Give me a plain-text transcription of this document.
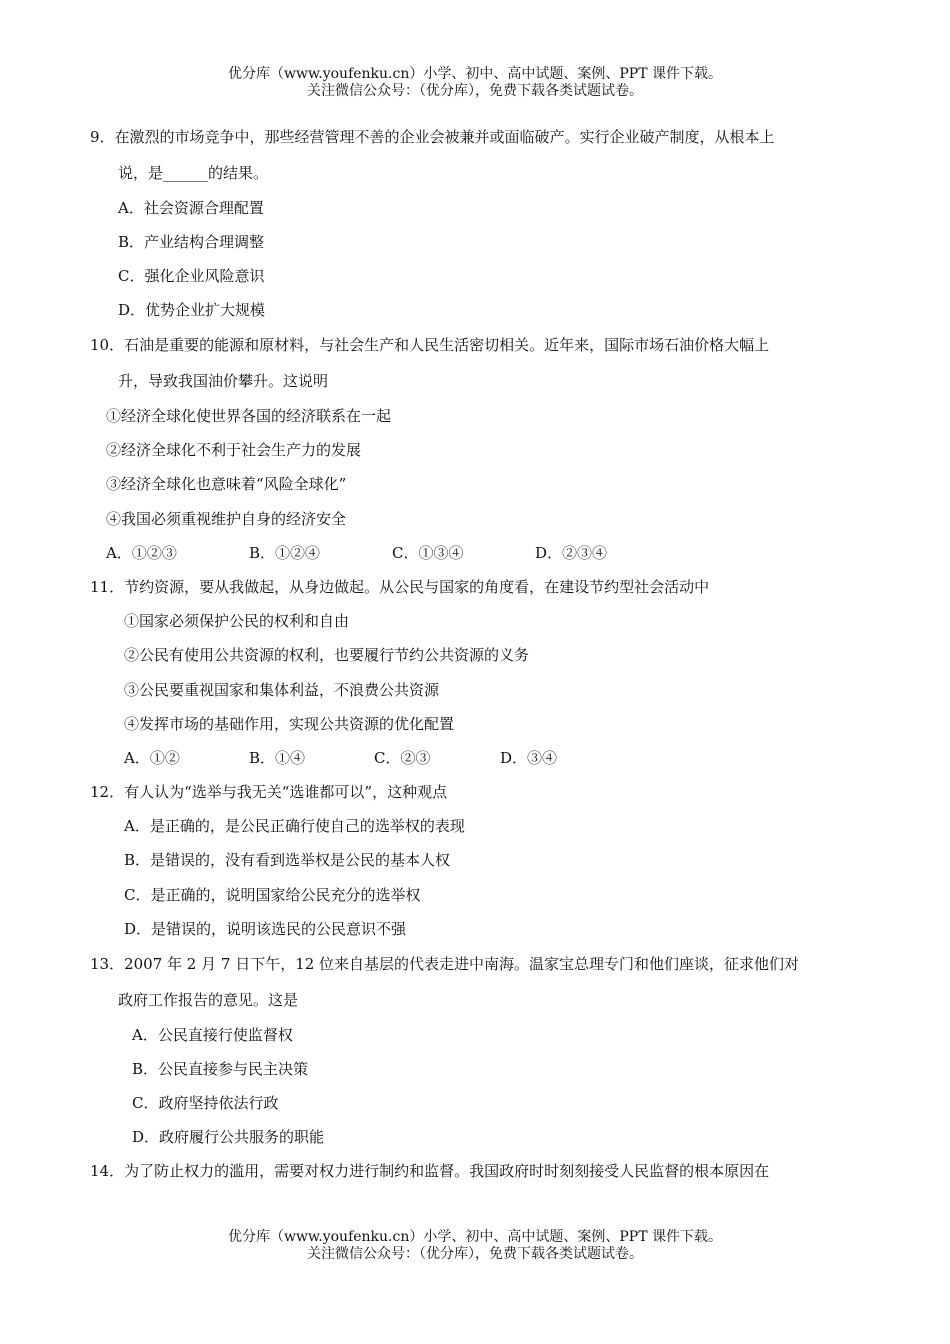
优分库（www.youfenku.cn）小学、初中、高中试题、案例、PPT 课件下载。
关注微信公众号：（优分库），免费下载各类试题试卷。
9．在激烈的市场竞争中，那些经营管理不善的企业会被兼并或面临破产。实行企业破产制度，从根本上
说，是______的结果。
A．社会资源合理配置
B．产业结构合理调整
C．强化企业风险意识
D．优势企业扩大规模
10．石油是重要的能源和原材料，与社会生产和人民生活密切相关。近年来，国际市场石油价格大幅上
升，导致我国油价攀升。这说明
①经济全球化使世界各国的经济联系在一起
②经济全球化不利于社会生产力的发展
③经济全球化也意味着“风险全球化”
④我国必须重视维护自身的经济安全
A．①②③	B．①②④	C．①③④	D．②③④
11．节约资源，要从我做起，从身边做起。从公民与国家的角度看，在建设节约型社会活动中
①国家必须保护公民的权利和自由
②公民有使用公共资源的权利，也要履行节约公共资源的义务
③公民要重视国家和集体利益，不浪费公共资源
④发挥市场的基础作用，实现公共资源的优化配置
A．①②	B．①④	C．②③	D．③④
12．有人认为“选举与我无关“选谁都可以”，这种观点
A．是正确的，是公民正确行使自己的选举权的表现
B．是错误的，没有看到选举权是公民的基本人权
C．是正确的，说明国家给公民充分的选举权
D．是错误的，说明该选民的公民意识不强
13．2007 年 2 月 7 日下午，12 位来自基层的代表走进中南海。温家宝总理专门和他们座谈，征求他们对
政府工作报告的意见。这是
A．公民直接行使监督权
B．公民直接参与民主决策
C．政府坚持依法行政
D．政府履行公共服务的职能
14．为了防止权力的滥用，需要对权力进行制约和监督。我国政府时时刻刻接受人民监督的根本原因在
优分库（www.youfenku.cn）小学、初中、高中试题、案例、PPT 课件下载。
关注微信公众号：（优分库），免费下载各类试题试卷。
